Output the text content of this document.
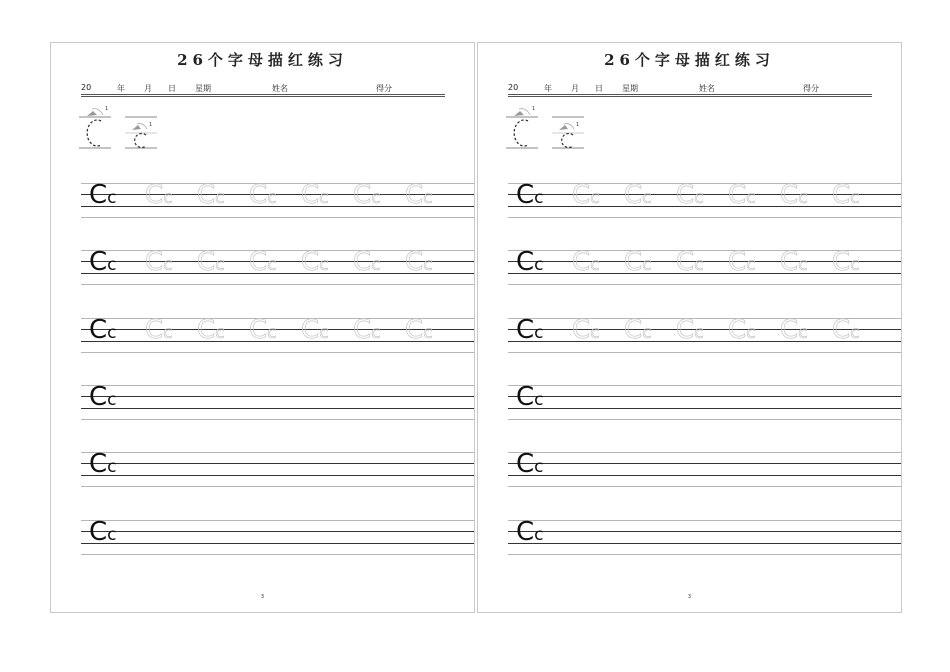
26个字母描红练习
20	年 月 日 星期	姓名	得分
1
1
Cc Cc Cc Cc Cc Cc Cc
Cc Cc Cc Cc Cc Cc Cc
Cc Cc Cc Cc Cc Cc Cc
Cc
Cc
Cc
3
26个字母描红练习
20	年 月 日 星期	姓名	得分
1
1
Cc Cc Cc Cc Cc Cc Cc
Cc Cc Cc Cc Cc Cc Cc
Cc Cc Cc Cc Cc Cc Cc
Cc
Cc
Cc
3
